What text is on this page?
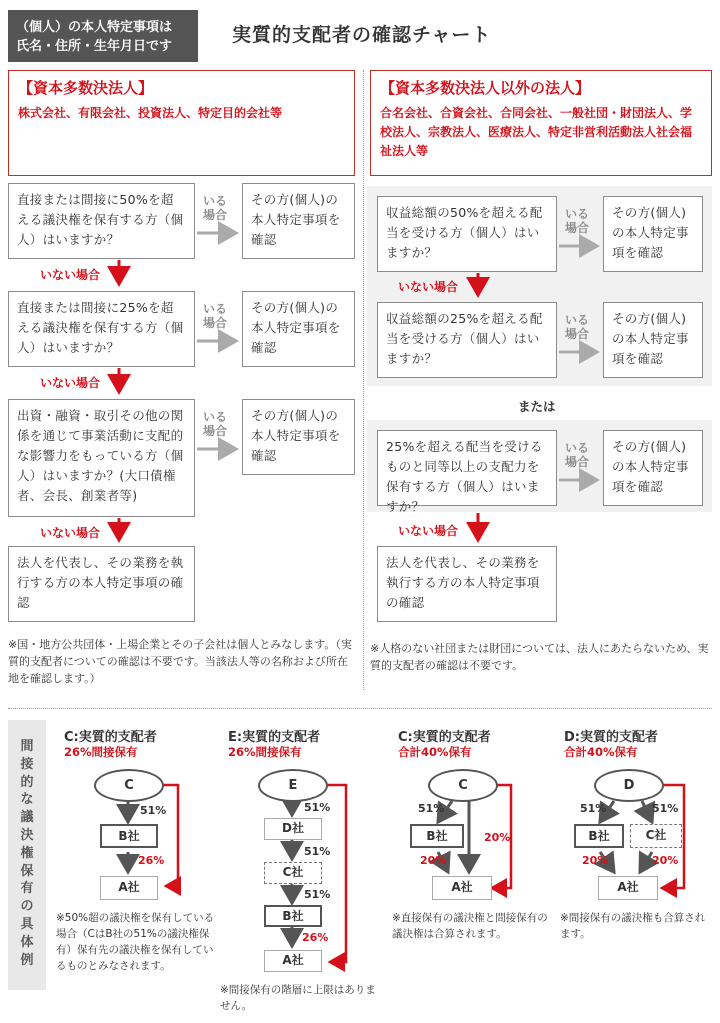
（個人）の本人特定事項は
氏名・住所・生年月日です
実質的支配者の確認チャート
【資本多数決法人】
株式会社、有限会社、投資法人、特定目的会社等
直接または間接に50%を超える議決権を保有する方（個人）はいますか？
いる
場合
その方(個人)の本人特定事項を確認
いない場合
直接または間接に25%を超える議決権を保有する方（個人）はいますか？
いる
場合
その方(個人)の本人特定事項を確認
いない場合
出資・融資・取引その他の関係を通じて事業活動に支配的な影響力をもっている方（個人）はいますか？(大口債権者、会長、創業者等)
いる
場合
その方(個人)の本人特定事項を確認
いない場合
法人を代表し、その業務を執行する方の本人特定事項の確認
※国・地方公共団体・上場企業とその子会社は個人とみなします。（実質的支配者についての確認は不要です。当該法人等の名称および所在地を確認します。）
【資本多数決法人以外の法人】
合名会社、合資会社、合同会社、一般社団・財団法人、学校法人、宗教法人、医療法人、特定非営利活動法人社会福祉法人等
収益総額の50%を超える配当を受ける方（個人）はいますか？
いる
場合
その方(個人)の本人特定事項を確認
いない場合
収益総額の25%を超える配当を受ける方（個人）はいますか？
いる
場合
その方(個人)の本人特定事項を確認
または
25%を超える配当を受けるものと同等以上の支配力を保有する方（個人）はいますか？
いる
場合
その方(個人)の本人特定事項を確認
いない場合
法人を代表し、その業務を執行する方の本人特定事項の確認
※人格のない社団または財団については、法人にあたらないため、実質的支配者の確認は不要です。
間
接
的
な
議
決
権
保
有
の
具
体
例
C:実質的支配者
26%間接保有
C
B社
A社
51%
26%
※50%超の議決権を保有している場合（CはB社の51%の議決権保有）保有先の議決権を保有しているものとみなされます。
E:実質的支配者
26%間接保有
E
D社
C社
B社
A社
51%
51%
51%
26%
※間接保有の階層に上限はありません。
C:実質的支配者
合計40%保有
C
B社
A社
51%
20%
20%
※直接保有の議決権と間接保有の議決権は合算されます。
D:実質的支配者
合計40%保有
D
B社	C社
A社
51%	51%
20%	20%
※間接保有の議決権も合算されます。
